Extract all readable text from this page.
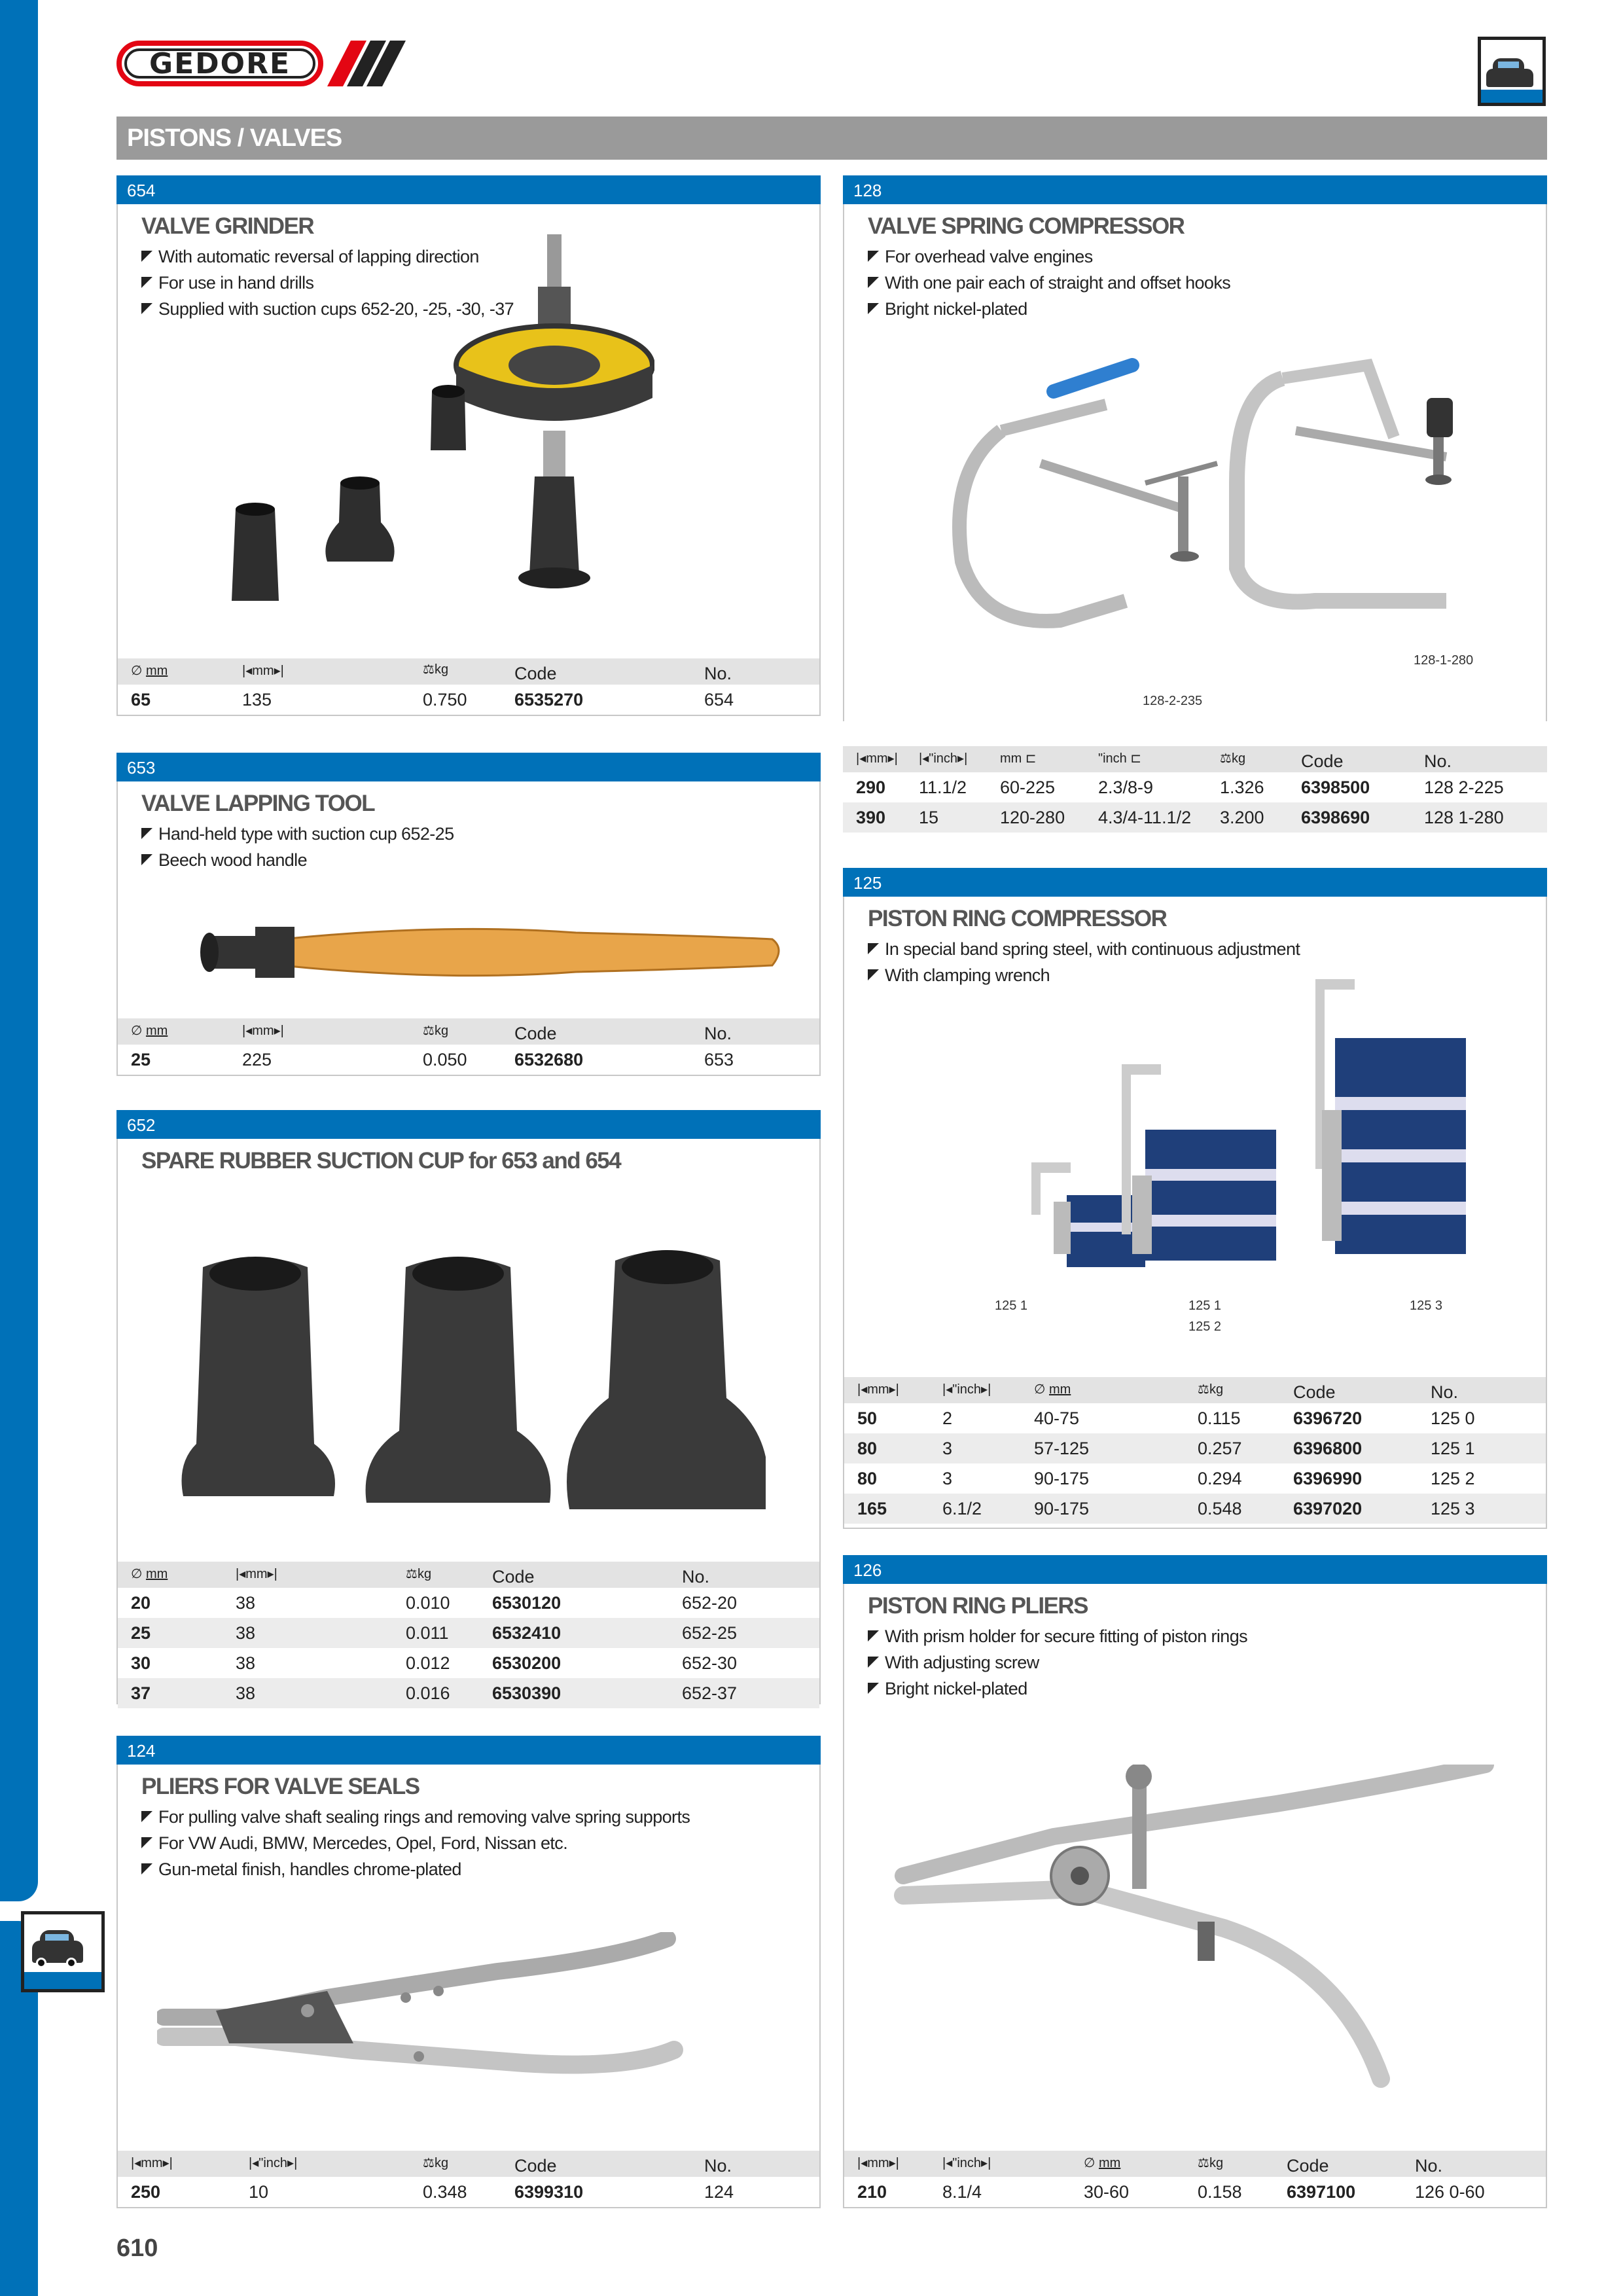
GEDORE
PISTONS / VALVES
654
VALVE GRINDER
With automatic reversal of lapping direction
For use in hand drills
Supplied with suction cups 652-20, -25, -30, -37
∅ mm	|◂mm▸|	⚖kg	Code	No.
65	135	0.750	6535270	654
128
VALVE SPRING COMPRESSOR
For overhead valve engines
With one pair each of straight and offset hooks
Bright nickel-plated
128-2-235
128-1-280
|◂mm▸| |◂"inch▸| mm ⊏	"inch ⊏	⚖kg	Code	No.
290 11.1/2 60-225 2.3/8-9	1.326 6398500	128 2-225
390 15	120-280 4.3/4-11.1/2 3.200 6398690	128 1-280
653
VALVE LAPPING TOOL
Hand-held type with suction cup 652-25
Beech wood handle
∅ mm	|◂mm▸|	⚖kg	Code	No.
25	225	0.050	6532680	653
125
PISTON RING COMPRESSOR
In special band spring steel, with continuous adjustment
With clamping wrench
125 1	125 1
125 2
125 3
|◂mm▸|	|◂"inch▸|	∅ mm	⚖kg	Code	No.
50	2	40-75	0.115	6396720	125 0
80	3	57-125	0.257	6396800	125 1
80	3	90-175	0.294	6396990	125 2
165	6.1/2	90-175	0.548	6397020	125 3
652
SPARE RUBBER SUCTION CUP for 653 and 654
∅ mm	|◂mm▸|	⚖kg	Code	No.
20	38	0.010 6530120	652-20
25	38	0.011 6532410	652-25
30	38	0.012 6530200	652-30
37	38	0.016 6530390	652-37
126
PISTON RING PLIERS
With prism holder for secure fitting of piston rings
With adjusting screw
Bright nickel-plated
|◂mm▸|	|◂"inch▸|	∅ mm	⚖kg	Code	No.
210	8.1/4	30-60	0.158	6397100	126 0-60
124
PLIERS FOR VALVE SEALS
For pulling valve shaft sealing rings and removing valve spring supports
For VW Audi, BMW, Mercedes, Opel, Ford, Nissan etc.
Gun-metal finish, handles chrome-plated
|◂mm▸|	|◂"inch▸|	⚖kg	Code	No.
250	10	0.348	6399310	124
610
